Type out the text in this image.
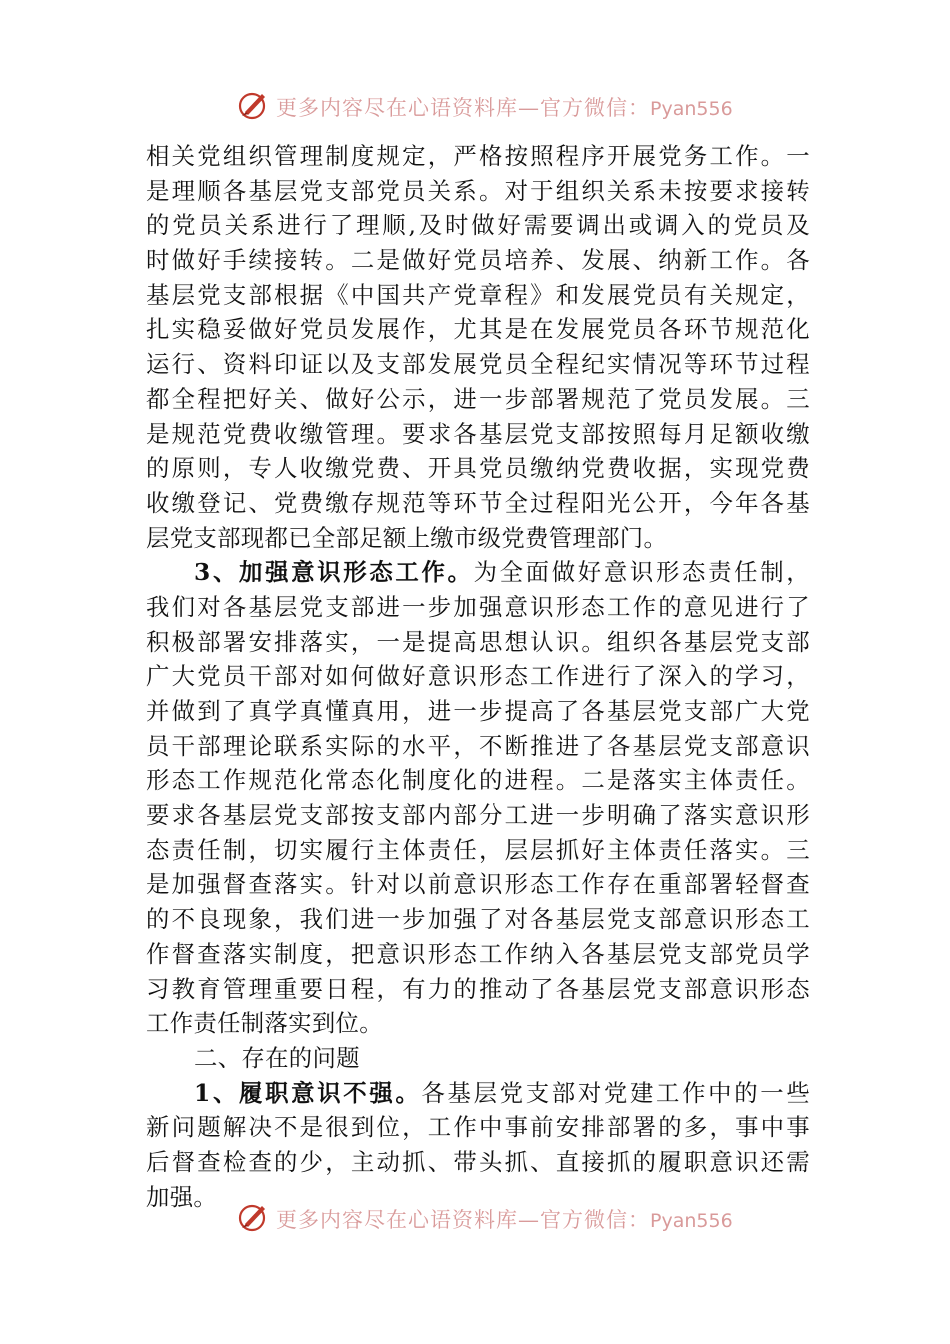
更多内容尽在心语资料库—官方微信：Pyan556
相关党组织管理制度规定，严格按照程序开展党务工作。一
是理顺各基层党支部党员关系。对于组织关系未按要求接转
的党员关系进行了理顺,及时做好需要调出或调入的党员及
时做好手续接转。二是做好党员培养、发展、纳新工作。各
基层党支部根据《中国共产党章程》和发展党员有关规定，
扎实稳妥做好党员发展作，尤其是在发展党员各环节规范化
运行、资料印证以及支部发展党员全程纪实情况等环节过程
都全程把好关、做好公示，进一步部署规范了党员发展。三
是规范党费收缴管理。要求各基层党支部按照每月足额收缴
的原则，专人收缴党费、开具党员缴纳党费收据，实现党费
收缴登记、党费缴存规范等环节全过程阳光公开，今年各基
层党支部现都已全部足额上缴市级党费管理部门。
3、加强意识形态工作。为全面做好意识形态责任制，
我们对各基层党支部进一步加强意识形态工作的意见进行了
积极部署安排落实，一是提高思想认识。组织各基层党支部
广大党员干部对如何做好意识形态工作进行了深入的学习，
并做到了真学真懂真用，进一步提高了各基层党支部广大党
员干部理论联系实际的水平，不断推进了各基层党支部意识
形态工作规范化常态化制度化的进程。二是落实主体责任。
要求各基层党支部按支部内部分工进一步明确了落实意识形
态责任制，切实履行主体责任，层层抓好主体责任落实。三
是加强督查落实。针对以前意识形态工作存在重部署轻督查
的不良现象，我们进一步加强了对各基层党支部意识形态工
作督查落实制度，把意识形态工作纳入各基层党支部党员学
习教育管理重要日程，有力的推动了各基层党支部意识形态
工作责任制落实到位。
二、存在的问题
1、履职意识不强。各基层党支部对党建工作中的一些
新问题解决不是很到位，工作中事前安排部署的多，事中事
后督查检查的少，主动抓、带头抓、直接抓的履职意识还需
加强。
更多内容尽在心语资料库—官方微信：Pyan556
